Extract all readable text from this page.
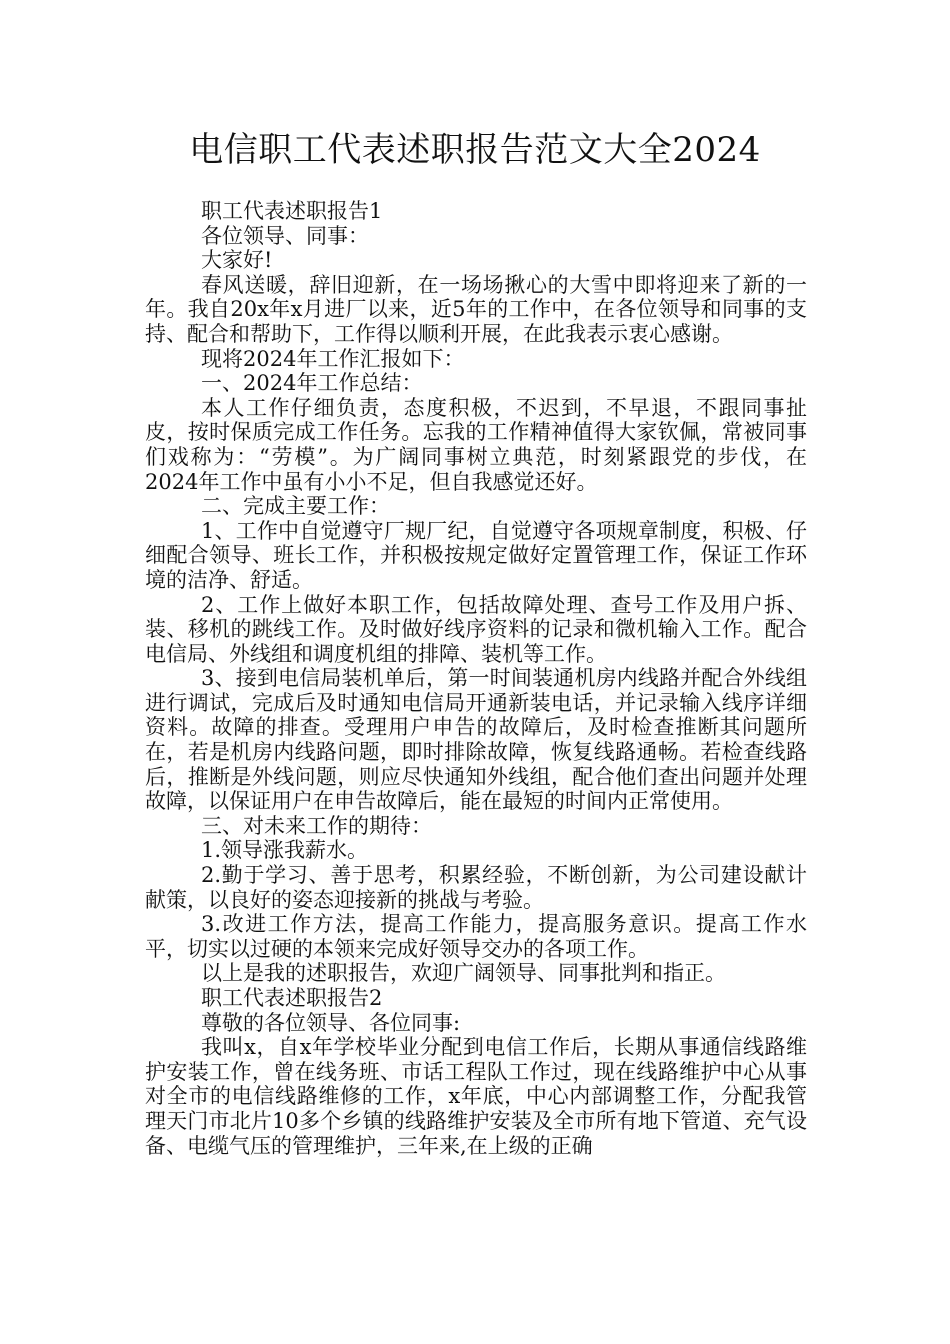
电信职工代表述职报告范文大全2024

职工代表述职报告1

各位领导、同事：

大家好!

春风送暖，辞旧迎新，在一场场揪心的大雪中即将迎来了新的一年。我自20x年x月进厂以来，近5年的工作中，在各位领导和同事的支持、配合和帮助下，工作得以顺利开展，在此我表示衷心感谢。

现将2024年工作汇报如下：

一、2024年工作总结：

本人工作仔细负责，态度积极，不迟到，不早退，不跟同事扯皮，按时保质完成工作任务。忘我的工作精神值得大家钦佩，常被同事们戏称为：“劳模”。为广阔同事树立典范，时刻紧跟党的步伐，在2024年工作中虽有小小不足，但自我感觉还好。

二、完成主要工作：

1、工作中自觉遵守厂规厂纪，自觉遵守各项规章制度，积极、仔细配合领导、班长工作，并积极按规定做好定置管理工作，保证工作环境的洁净、舒适。

2、工作上做好本职工作，包括故障处理、查号工作及用户拆、装、移机的跳线工作。及时做好线序资料的记录和微机输入工作。配合电信局、外线组和调度机组的排障、装机等工作。

3、接到电信局装机单后，第一时间装通机房内线路并配合外线组进行调试，完成后及时通知电信局开通新装电话，并记录输入线序详细资料。故障的排查。受理用户申告的故障后，及时检查推断其问题所在，若是机房内线路问题，即时排除故障，恢复线路通畅。若检查线路后，推断是外线问题，则应尽快通知外线组，配合他们查出问题并处理故障，以保证用户在申告故障后，能在最短的时间内正常使用。

三、对未来工作的期待：

1.领导涨我薪水。

2.勤于学习、善于思考，积累经验，不断创新，为公司建设献计献策，以良好的姿态迎接新的挑战与考验。

3.改进工作方法，提高工作能力，提高服务意识。提高工作水平，切实以过硬的本领来完成好领导交办的各项工作。

以上是我的述职报告，欢迎广阔领导、同事批判和指正。

职工代表述职报告2

尊敬的各位领导、各位同事:

我叫x，自x年学校毕业分配到电信工作后，长期从事通信线路维护安装工作，曾在线务班、市话工程队工作过，现在线路维护中心从事对全市的电信线路维修的工作，x年底，中心内部调整工作，分配我管理天门市北片10多个乡镇的线路维护安装及全市所有地下管道、充气设备、电缆气压的管理维护，三年来,在上级的正确
